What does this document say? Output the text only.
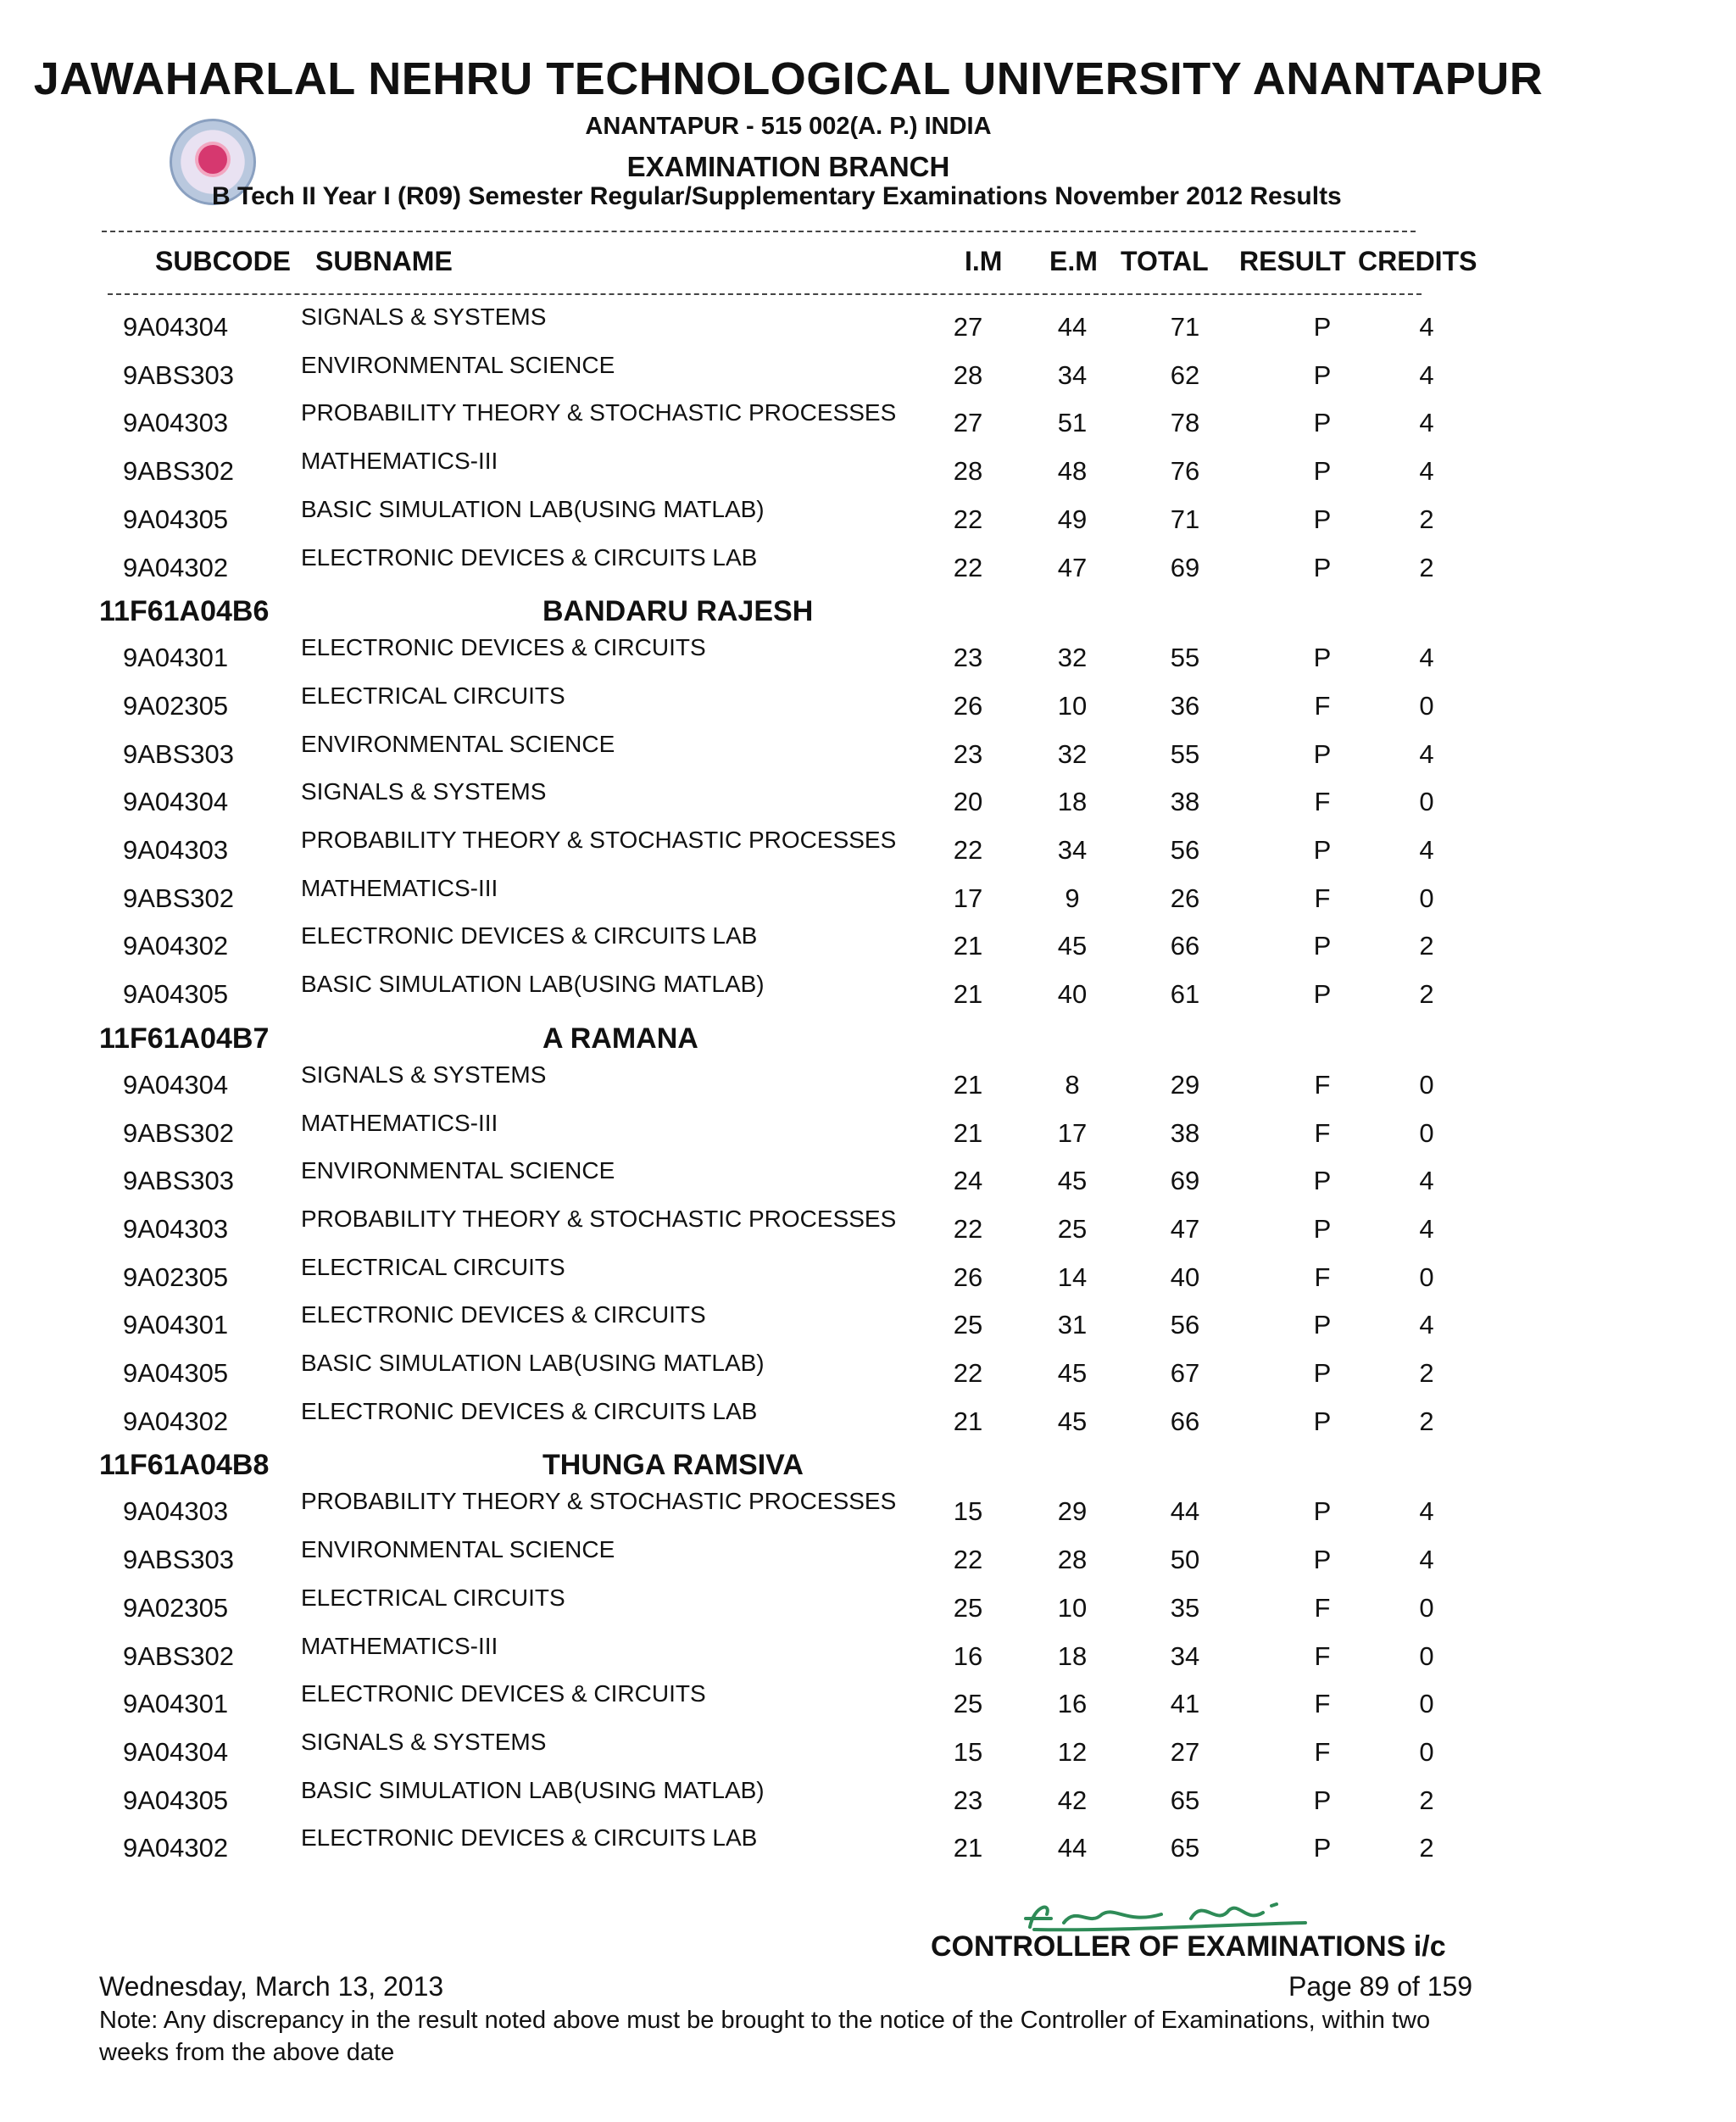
JAWAHARLAL NEHRU TECHNOLOGICAL UNIVERSITY ANANTAPUR
ANANTAPUR - 515 002(A. P.) INDIA
EXAMINATION BRANCH
B Tech II Year I (R09) Semester Regular/Supplementary Examinations November 2012 Results
SUBCODE SUBNAME	I.M E.M TOTAL RESULT CREDITS
9A04304	SIGNALS & SYSTEMS	27	44	71	P	4
9ABS303	ENVIRONMENTAL SCIENCE	28	34	62	P	4
9A04303	PROBABILITY THEORY & STOCHASTIC PROCESSES	27	51	78	P	4
9ABS302	MATHEMATICS-III	28	48	76	P	4
9A04305	BASIC SIMULATION LAB(USING MATLAB)	22	49	71	P	2
9A04302	ELECTRONIC DEVICES & CIRCUITS LAB	22	47	69	P	2
11F61A04B6	BANDARU RAJESH
9A04301	ELECTRONIC DEVICES & CIRCUITS	23	32	55	P	4
9A02305	ELECTRICAL CIRCUITS	26	10	36	F	0
9ABS303	ENVIRONMENTAL SCIENCE	23	32	55	P	4
9A04304	SIGNALS & SYSTEMS	20	18	38	F	0
9A04303	PROBABILITY THEORY & STOCHASTIC PROCESSES	22	34	56	P	4
9ABS302	MATHEMATICS-III	17	9	26	F	0
9A04302	ELECTRONIC DEVICES & CIRCUITS LAB	21	45	66	P	2
9A04305	BASIC SIMULATION LAB(USING MATLAB)	21	40	61	P	2
11F61A04B7	A RAMANA
9A04304	SIGNALS & SYSTEMS	21	8	29	F	0
9ABS302	MATHEMATICS-III	21	17	38	F	0
9ABS303	ENVIRONMENTAL SCIENCE	24	45	69	P	4
9A04303	PROBABILITY THEORY & STOCHASTIC PROCESSES	22	25	47	P	4
9A02305	ELECTRICAL CIRCUITS	26	14	40	F	0
9A04301	ELECTRONIC DEVICES & CIRCUITS	25	31	56	P	4
9A04305	BASIC SIMULATION LAB(USING MATLAB)	22	45	67	P	2
9A04302	ELECTRONIC DEVICES & CIRCUITS LAB	21	45	66	P	2
11F61A04B8	THUNGA RAMSIVA
9A04303	PROBABILITY THEORY & STOCHASTIC PROCESSES	15	29	44	P	4
9ABS303	ENVIRONMENTAL SCIENCE	22	28	50	P	4
9A02305	ELECTRICAL CIRCUITS	25	10	35	F	0
9ABS302	MATHEMATICS-III	16	18	34	F	0
9A04301	ELECTRONIC DEVICES & CIRCUITS	25	16	41	F	0
9A04304	SIGNALS & SYSTEMS	15	12	27	F	0
9A04305	BASIC SIMULATION LAB(USING MATLAB)	23	42	65	P	2
9A04302	ELECTRONIC DEVICES & CIRCUITS LAB	21	44	65	P	2
CONTROLLER OF EXAMINATIONS i/c
Wednesday, March 13, 2013	Page 89 of 159
Note: Any discrepancy in the result noted above must be brought to the notice of the Controller of Examinations, within two weeks from the above date
